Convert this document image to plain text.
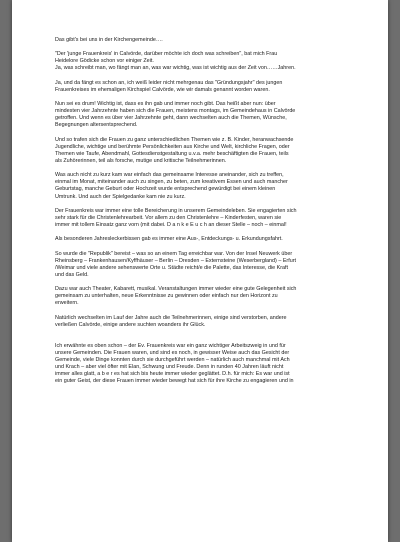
Das gibt's bei uns in der Kirchengemeinde….

"Der 'junge Frauenkreis' in Calvörde, darüber möchte ich doch was schreiben", bat mich Frau
Heidelore Gödicke schon vor einiger Zeit.
Ja, was schreibt man, wo fängt man an, was war wichtig, was ist wichtig aus der Zeit von……Jahren.

Ja, und da fängt es schon an, ich weiß leider nicht mehrgenau das "Gründungsjahr" des jungen
Frauenkreises im ehemaligen Kirchspiel Calvörde, wie wir damals genannt worden waren.

Nun sei es drum! Wichtig ist, dass es ihn gab und immer noch gibt. Das heißt aber nun: über
mindesten vier Jahrzehnte haben sich die Frauen, meistens montags, im Gemeindehaus in Calvörde
getroffen. Und wenn es über vier Jahrzehnte geht, dann wechselten auch die Themen, Wünsche,
Begegnungen altersentsprechend.

Und so trafen sich die Frauen zu ganz unterschiedlichen Themen wie z. B. Kinder, heranwachsende
Jugendliche, wichtige und berühmte Persönlichkeiten aus Kirche und Welt, kirchliche Fragen, oder
Themen wie Taufe, Abendmahl, Gottesdienstgestaltung u.v.a. mehr beschäftigten die Frauen, teils
als Zuhörerinnen, teil als forsche, mutige und kritische Teilnehmerinnen.

Was auch nicht zu kurz kam war einfach das gemeinsame Interesse aneinander, sich zu treffen,
einmal im Monat, miteinander auch zu singen, zu beten, zum kreativem Essen und auch mancher
Geburtstag, manche Geburt oder Hochzeit wurde entsprechend gewürdigt bei einem kleinen
Umtrunk. Und auch der Spielgedanke kam nie zu kurz.

Der Frauenkreis war immer eine tolle Bereicherung in unserem Gemeindeleben. Sie engagierten sich
sehr stark für die Christenlehrearbeit. Vor allem zu den Christenlehre – Kinderfesten, waren sie
immer mit tollem Einsatz ganz vorn (mit dabei. D a n k e E u c h an dieser Stelle – noch – einmal!

Als besonderen Jahresleckerbissen gab es immer eine Aus-, Entdeckungs- u. Erkundungsfahrt.

So wurde die "Republik" bereist – was so an einem Tag erreichbar war. Von der Insel Neuwerk über
Rheinsberg – Frankenhausen/Kyffhäuser – Berlin – Dresden – Externsteine (Weserbergland) – Erfurt
/Weimar und viele andere sehenswerte Orte u. Städte reicht/e die Palette, das Interesse, die Kraft
und das Geld.

Dazu war auch Theater, Kabarett, musikal. Veranstaltungen immer wieder eine gute Gelegenheit sich
gemeinsam zu unterhalten, neue Erkenntnisse zu gewinnen oder einfach nur den Horizont zu
erweitern.

Natürlich wechselten im Lauf der Jahre auch die Teilnehmerinnen, einige sind verstorben, andere
verließen Calvörde, einige andere suchten woanders ihr Glück.

Ich erwähnte es oben schon – der Ev. Frauenkreis war ein ganz wichtiger Arbeitszweig in und für
unsere Gemeinden. Die Frauen waren, und sind es noch, in gewisser Weise auch das Gesicht der
Gemeinde, viele Dinge konnten durch sie durchgeführt werden – natürlich auch manchmal mit Ach
und Krach – aber viel öfter mit Elan, Schwung und Freude. Denn in runden 40 Jahren läuft nicht
immer alles glatt, a b e r es hat sich bis heute immer wieder geglättet. D.h. für mich: Es war und ist
ein guter Geist, der diese Frauen immer wieder bewegt hat sich für ihre Kirche zu engagieren und in
